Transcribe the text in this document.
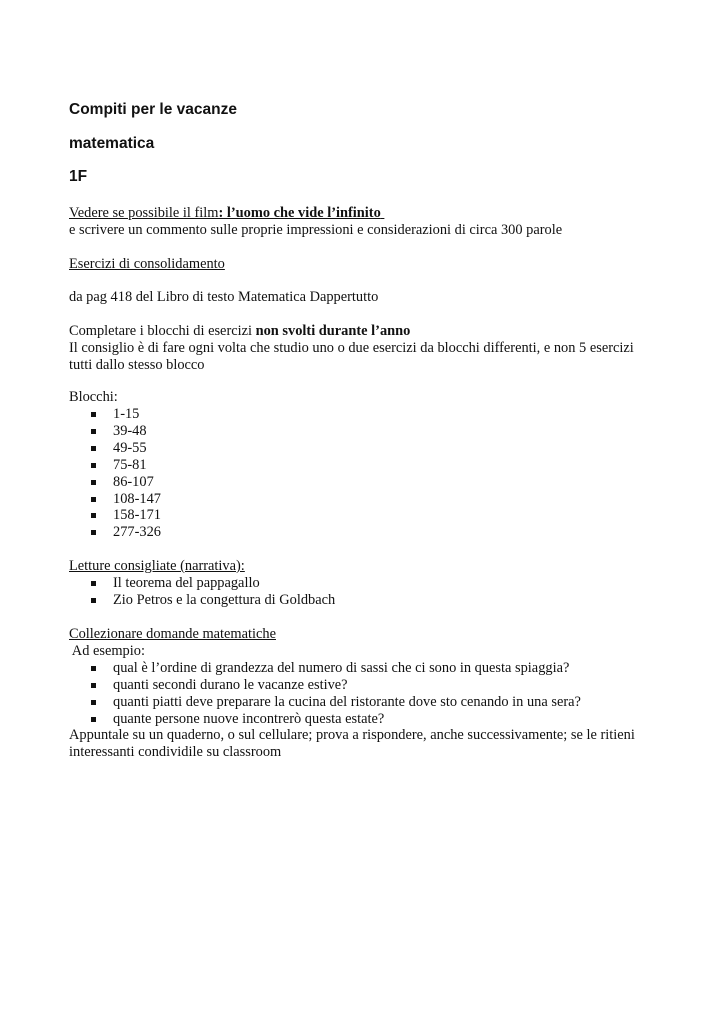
Compiti per le vacanze
matematica
1F
Vedere se possibile il film: l’uomo che vide l’infinito
e scrivere un commento sulle proprie impressioni e considerazioni di circa 300 parole
Esercizi di consolidamento
da pag 418 del Libro di testo Matematica Dappertutto
Completare i blocchi di esercizi non svolti durante l’anno
Il consiglio è di fare ogni volta che studio uno o due esercizi da blocchi differenti, e non 5 esercizi tutti dallo stesso blocco
Blocchi:
1-15
39-48
49-55
75-81
86-107
108-147
158-171
277-326
Letture consigliate (narrativa):
Il teorema del pappagallo
Zio Petros e la congettura di Goldbach
Collezionare domande matematiche
Ad esempio:
qual è l’ordine di grandezza del numero di sassi che ci sono in questa spiaggia?
quanti secondi durano le vacanze estive?
quanti piatti deve preparare la cucina del ristorante dove sto cenando in una sera?
quante persone nuove incontrerò questa estate?
Appuntale su un quaderno, o sul cellulare; prova a rispondere, anche successivamente; se le ritieni interessanti condividile su classroom
